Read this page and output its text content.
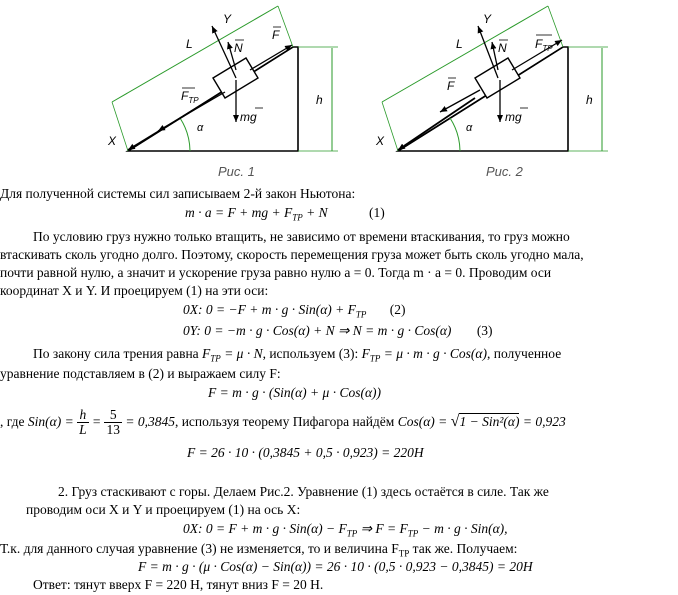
X
Y
L
h
α
N
F
$F_{ТР}$
mg
Рис. 1
X
Y
L
h
α
N
F
$F_{ТР}$
mg
Рис. 2
Для полученной системы сил записываем 2-й закон Ньютона:
m · a = F + mg + $F_{ТР} + N$	(1)
По условию груз нужно только втащить, не зависимо от времени втаскивания, то груз можно
втаскивать сколь угодно долго. Поэтому, скорость перемещения груза может быть сколь угодно мала,
почти равной нулю, а значит и ускорение груза равно нулю a = 0. Тогда m · a = 0. Проводим оси
координат X и Y. И проецируем (1) на эти оси:
0X: $0 = -F + m \cdot g \cdot Sin(\alpha) + F_{ТР}$ (2)
0Y: 0 = −m · g · Cos(α) + N ⇒ N = m · g · Cos(α) (3)
По закону сила трения равна $F_{ТР} = \mu \cdot N$, используем (3): $F_{ТР} = \mu \cdot m \cdot g \cdot Cos(\alpha)$, полученное
уравнение подставляем в (2) и выражаем силу F:
F = m · g · (Sin(α) + μ · Cos(α))
, где $Sin(\alpha) = \frac{h}{L} = \frac{5}{13} = 0,3845$, используя теорему Пифагора найдём Cos(α) = √1 − Sin²(α) = 0,923
F = 26 · 10 · (0,3845 + 0,5 · 0,923) = 220H
2. Груз стаскивают с горы. Делаем Рис.2. Уравнение (1) здесь остаётся в силе. Так же
проводим оси X и Y и проецируем (1) на ось X:
0X: $0 = F + m \cdot g \cdot Sin(\alpha) - F_{ТР}$ ⇒ $F = F_{ТР} - m \cdot g \cdot Sin(\alpha)$,
Т.к. для данного случая уравнение (3) не изменяется, то и величина $F_{ТР}$ так же. Получаем:
F = m · g · (μ · Cos(α) − Sin(α)) = 26 · 10 · (0,5 · 0,923 − 0,3845) = 20H
Ответ: тянут вверх F = 220 Н, тянут вниз F = 20 Н.
